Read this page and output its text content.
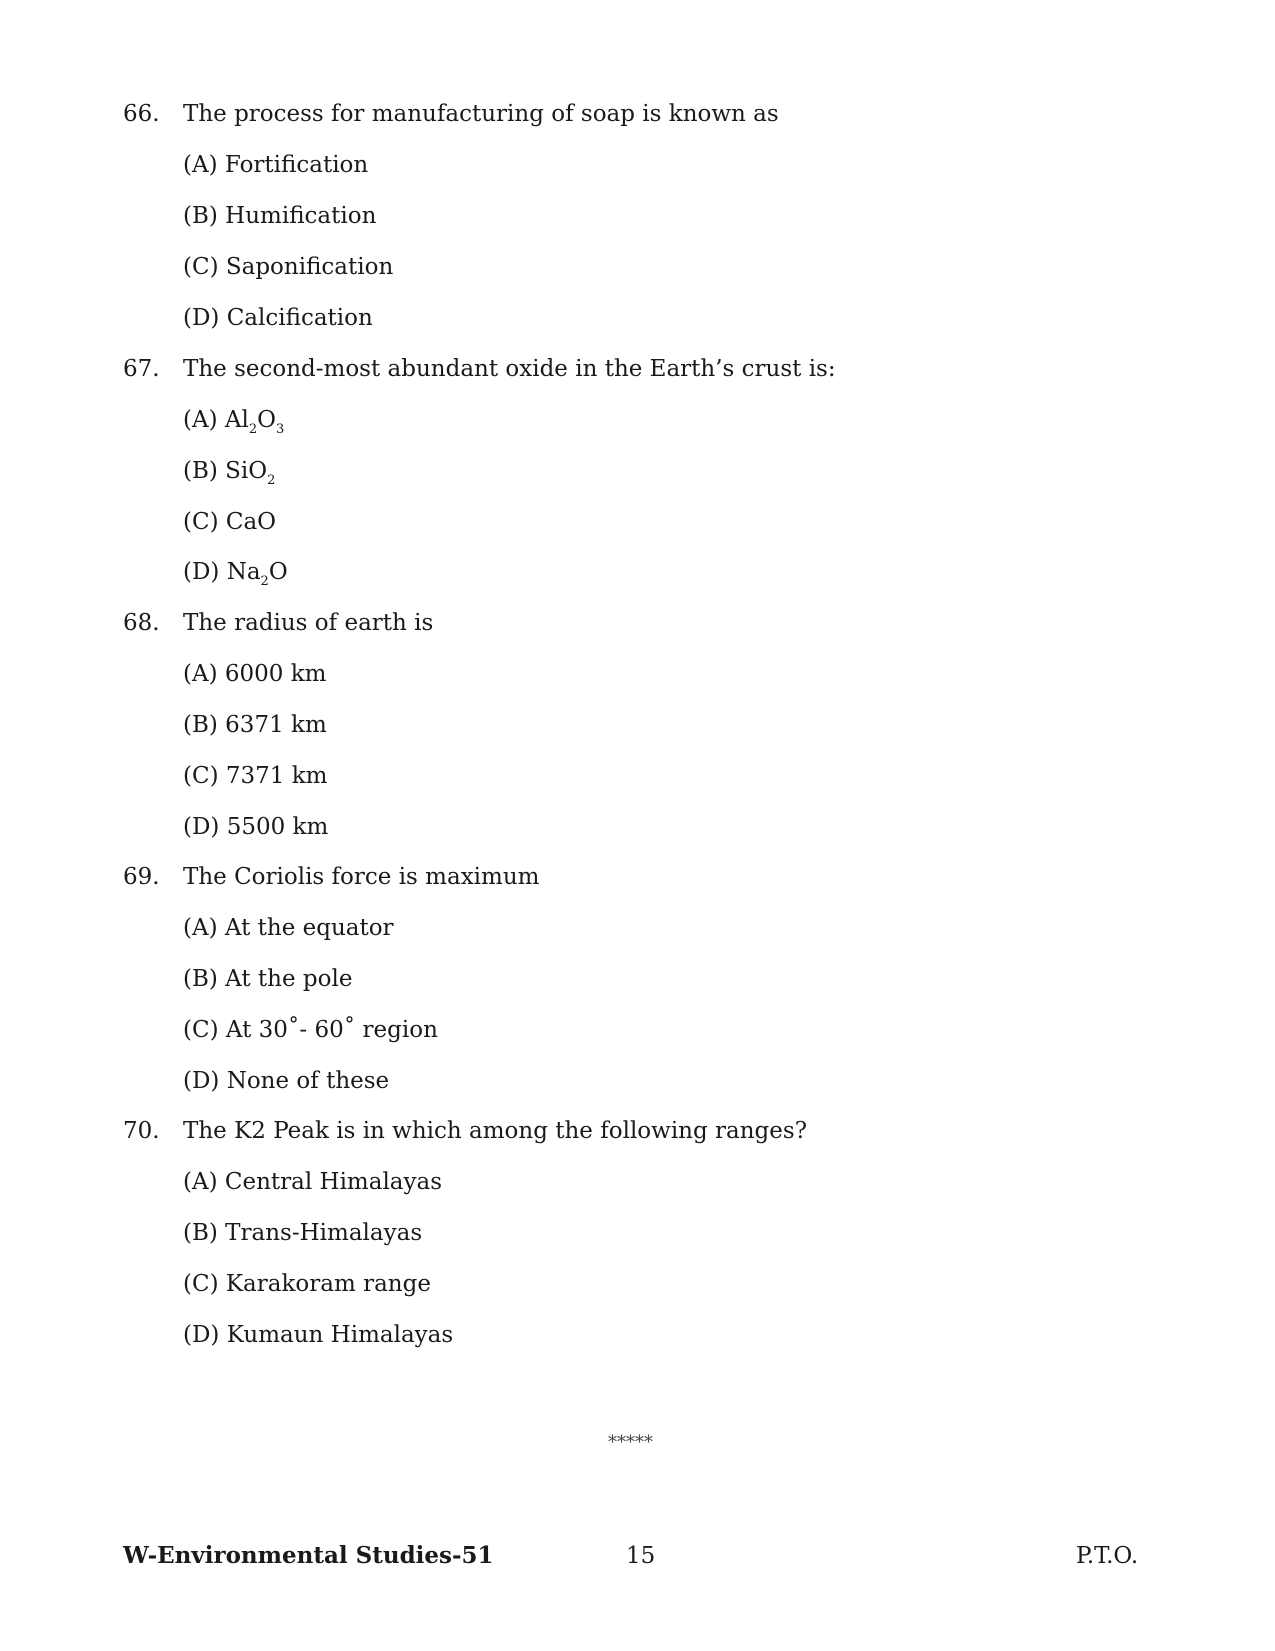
66. The process for manufacturing of soap is known as
(A) Fortification
(B) Humification
(C) Saponification
(D) Calcification
67. The second-most abundant oxide in the Earth’s crust is:
(A) $Al_2O_3$
(B) SiO$_2$
(C) CaO
(D) $Na_2O$
68. The radius of earth is
(A) 6000 km
(B) 6371 km
(C) 7371 km
(D) 5500 km
69. The Coriolis force is maximum
(A) At the equator
(B) At the pole
(C) At 30˚- 60˚ region
(D) None of these
70. The K2 Peak is in which among the following ranges?
(A) Central Himalayas
(B) Trans-Himalayas
(C) Karakoram range
(D) Kumaun Himalayas
*****
W-Environmental Studies-51	15	P.T.O.
